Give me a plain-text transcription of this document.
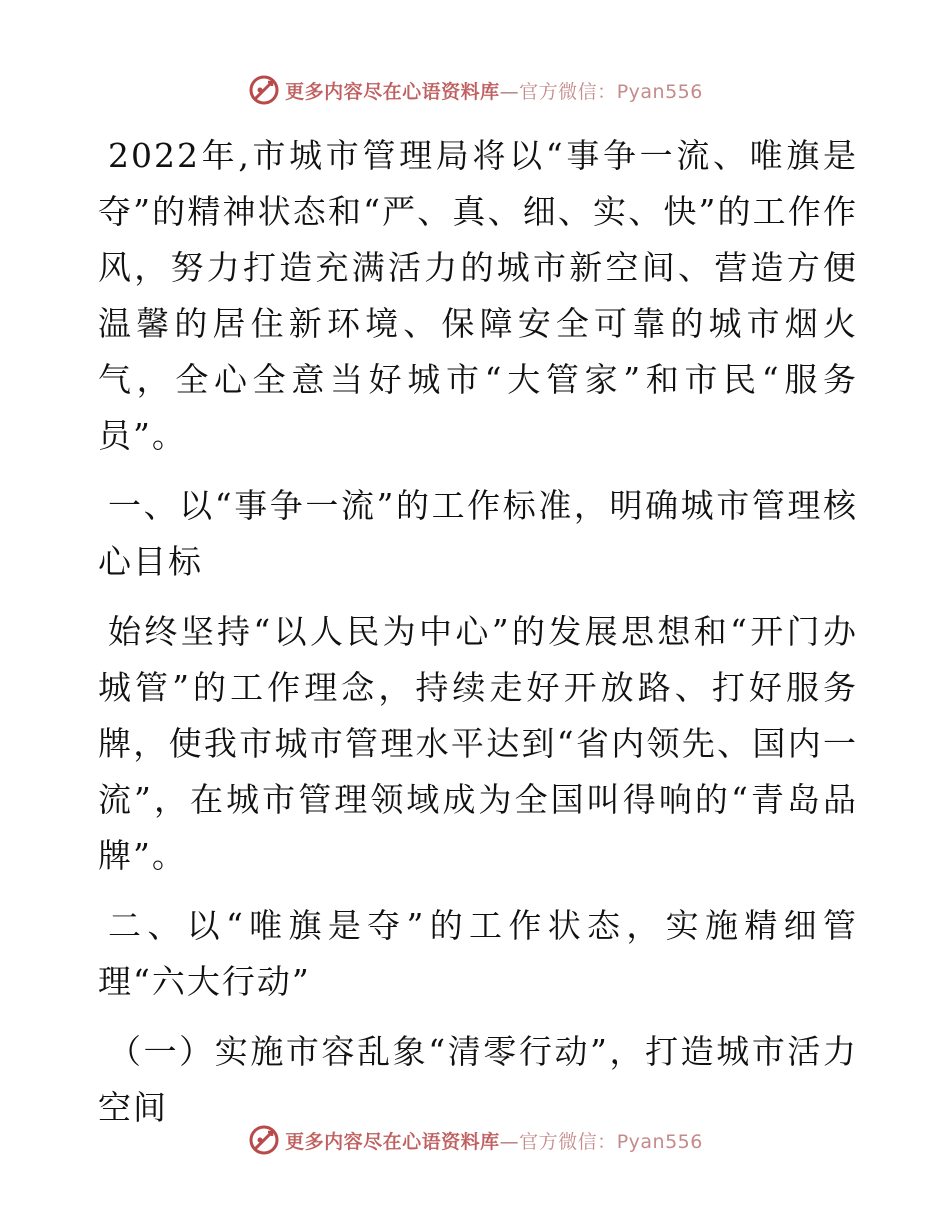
更多内容尽在心语资料库—官方微信：Pyan556

2022年,市城市管理局将以“事争一流、唯旗是夺”的精神状态和“严、真、细、实、快”的工作作风，努力打造充满活力的城市新空间、营造方便温馨的居住新环境、保障安全可靠的城市烟火气，全心全意当好城市“大管家”和市民“服务员”。

一、以“事争一流”的工作标准，明确城市管理核心目标

始终坚持“以人民为中心”的发展思想和“开门办城管”的工作理念，持续走好开放路、打好服务牌，使我市城市管理水平达到“省内领先、国内一流”，在城市管理领域成为全国叫得响的“青岛品牌”。

二、以“唯旗是夺”的工作状态，实施精细管理“六大行动”

（一）实施市容乱象“清零行动”，打造城市活力空间

更多内容尽在心语资料库—官方微信：Pyan556
